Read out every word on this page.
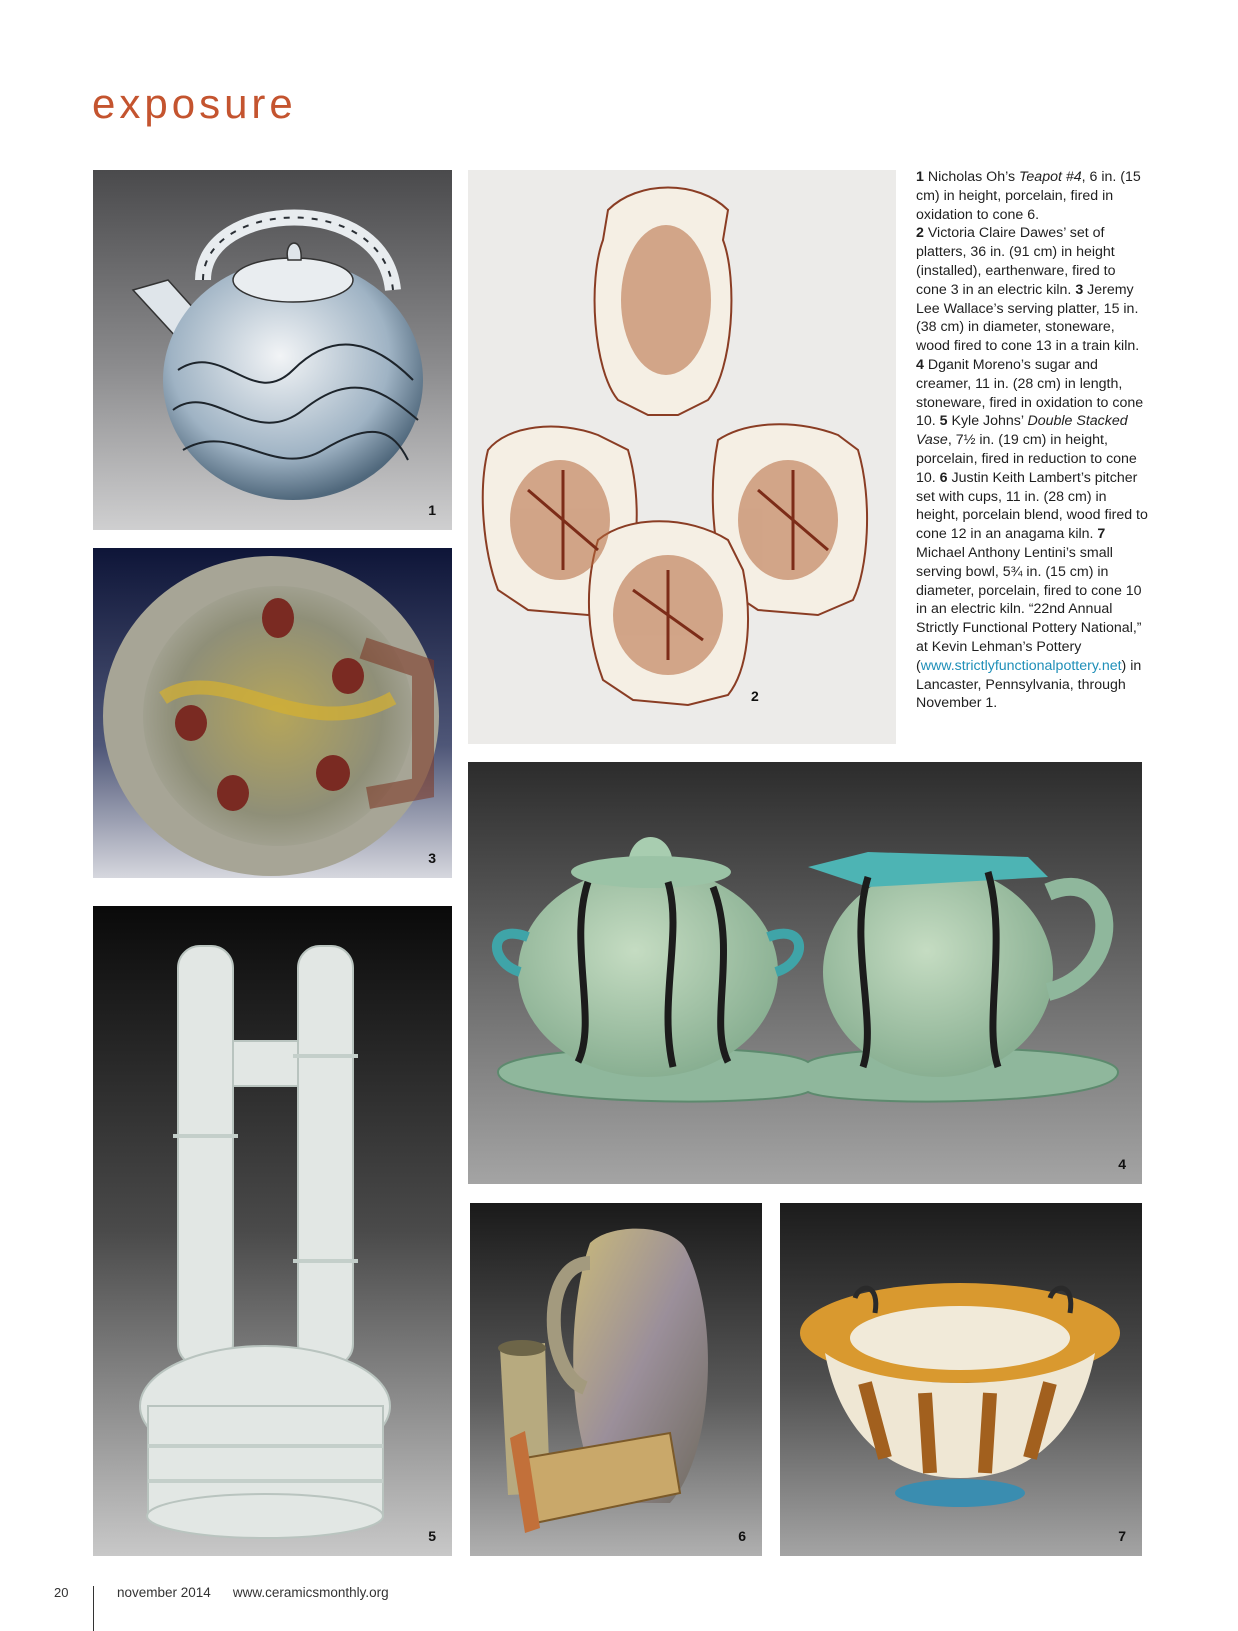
exposure
1
2
3
4
5	6	7

1 Nicholas Oh’s Teapot #4, 6 in. (15 cm) in height, porcelain, fired in oxidation to cone 6.

2 Victoria Claire Dawes’ set of platters, 36 in. (91 cm) in height (installed), earthenware, fired to cone 3 in an electric kiln. 3 Jeremy Lee Wallace’s serving platter, 15 in. (38 cm) in diameter, stoneware, wood fired to cone 13 in a train kiln.

4 Dganit Moreno’s sugar and creamer, 11 in. (28 cm) in length, stoneware, fired in oxidation to cone 10. 5 Kyle Johns’ Double Stacked Vase, 7½ in. (19 cm) in height, porcelain, fired in reduction to cone 10. 6 Justin Keith Lambert’s pitcher set with cups, 11 in. (28 cm) in height, porcelain blend, wood fired to cone 12 in an anagama kiln. 7 Michael Anthony Lentini’s small serving bowl, 5¾ in. (15 cm) in diameter, porcelain, fired to cone 10 in an electric kiln. “22nd Annual Strictly Functional Pottery National,” at Kevin Lehman’s Pottery (www.strictlyfunctionalpottery.net) in Lancaster, Pennsylvania, through November 1.

20	november 2014 www.ceramicsmonthly.org
